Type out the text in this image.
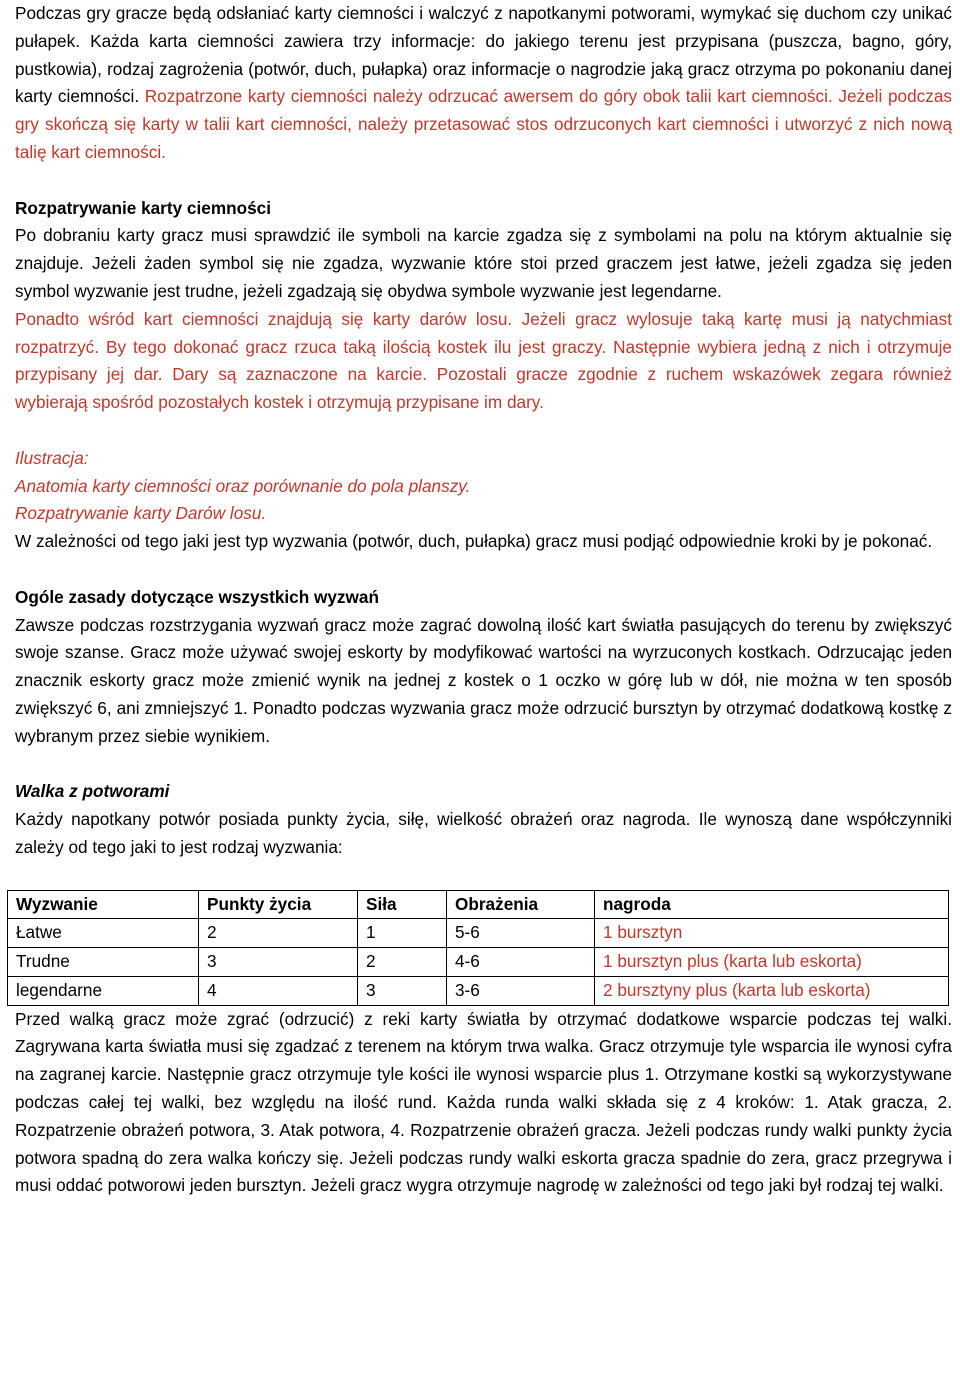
Podczas gry gracze będą odsłaniać karty ciemności i walczyć z napotkanymi potworami, wymykać się duchom czy unikać pułapek. Każda karta ciemności zawiera trzy informacje: do jakiego terenu jest przypisana (puszcza, bagno, góry, pustkowia), rodzaj zagrożenia (potwór, duch, pułapka) oraz informacje o nagrodzie jaką gracz otrzyma po pokonaniu danej karty ciemności. Rozpatrzone karty ciemności należy odrzucać awersem do góry obok talii kart ciemności. Jeżeli podczas gry skończą się karty w talii kart ciemności, należy przetasować stos odrzuconych kart ciemności i utworzyć z nich nową talię kart ciemności.

Rozpatrywanie karty ciemności

Po dobraniu karty gracz musi sprawdzić ile symboli na karcie zgadza się z symbolami na polu na którym aktualnie się znajduje. Jeżeli żaden symbol się nie zgadza, wyzwanie które stoi przed graczem jest łatwe, jeżeli zgadza się jeden symbol wyzwanie jest trudne, jeżeli zgadzają się obydwa symbole wyzwanie jest legendarne.

Ponadto wśród kart ciemności znajdują się karty darów losu. Jeżeli gracz wylosuje taką kartę musi ją natychmiast rozpatrzyć. By tego dokonać gracz rzuca taką ilością kostek ilu jest graczy. Następnie wybiera jedną z nich i otrzymuje przypisany jej dar. Dary są zaznaczone na karcie. Pozostali gracze zgodnie z ruchem wskazówek zegara również wybierają spośród pozostałych kostek i otrzymują przypisane im dary.

Ilustracja:

Anatomia karty ciemności oraz porównanie do pola planszy.

Rozpatrywanie karty Darów losu.

W zależności od tego jaki jest typ wyzwania (potwór, duch, pułapka) gracz musi podjąć odpowiednie kroki by je pokonać.

Ogóle zasady dotyczące wszystkich wyzwań

Zawsze podczas rozstrzygania wyzwań gracz może zagrać dowolną ilość kart światła pasujących do terenu by zwiększyć swoje szanse. Gracz może używać swojej eskorty by modyfikować wartości na wyrzuconych kostkach. Odrzucając jeden znacznik eskorty gracz może zmienić wynik na jednej z kostek o 1 oczko w górę lub w dół, nie można w ten sposób zwiększyć 6, ani zmniejszyć 1. Ponadto podczas wyzwania gracz może odrzucić bursztyn by otrzymać dodatkową kostkę z wybranym przez siebie wynikiem.

Walka z potworami

Każdy napotkany potwór posiada punkty życia, siłę, wielkość obrażeń oraz nagroda. Ile wynoszą dane współczynniki zależy od tego jaki to jest rodzaj wyzwania:

Wyzwanie	Punkty życia	Siła	Obrażenia	nagroda
Łatwe	2	1	5-6	1 bursztyn
Trudne	3	2	4-6	1 bursztyn plus (karta lub eskorta)
legendarne	4	3	3-6	2 bursztyny plus (karta lub eskorta)

Przed walką gracz może zgrać (odrzucić) z reki karty światła by otrzymać dodatkowe wsparcie podczas tej walki. Zagrywana karta światła musi się zgadzać z terenem na którym trwa walka. Gracz otrzymuje tyle wsparcia ile wynosi cyfra na zagranej karcie. Następnie gracz otrzymuje tyle kości ile wynosi wsparcie plus 1. Otrzymane kostki są wykorzystywane podczas całej tej walki, bez względu na ilość rund. Każda runda walki składa się z 4 kroków: 1. Atak gracza, 2. Rozpatrzenie obrażeń potwora, 3. Atak potwora, 4. Rozpatrzenie obrażeń gracza. Jeżeli podczas rundy walki punkty życia potwora spadną do zera walka kończy się. Jeżeli podczas rundy walki eskorta gracza spadnie do zera, gracz przegrywa i musi oddać potworowi jeden bursztyn. Jeżeli gracz wygra otrzymuje nagrodę w zależności od tego jaki był rodzaj tej walki.
